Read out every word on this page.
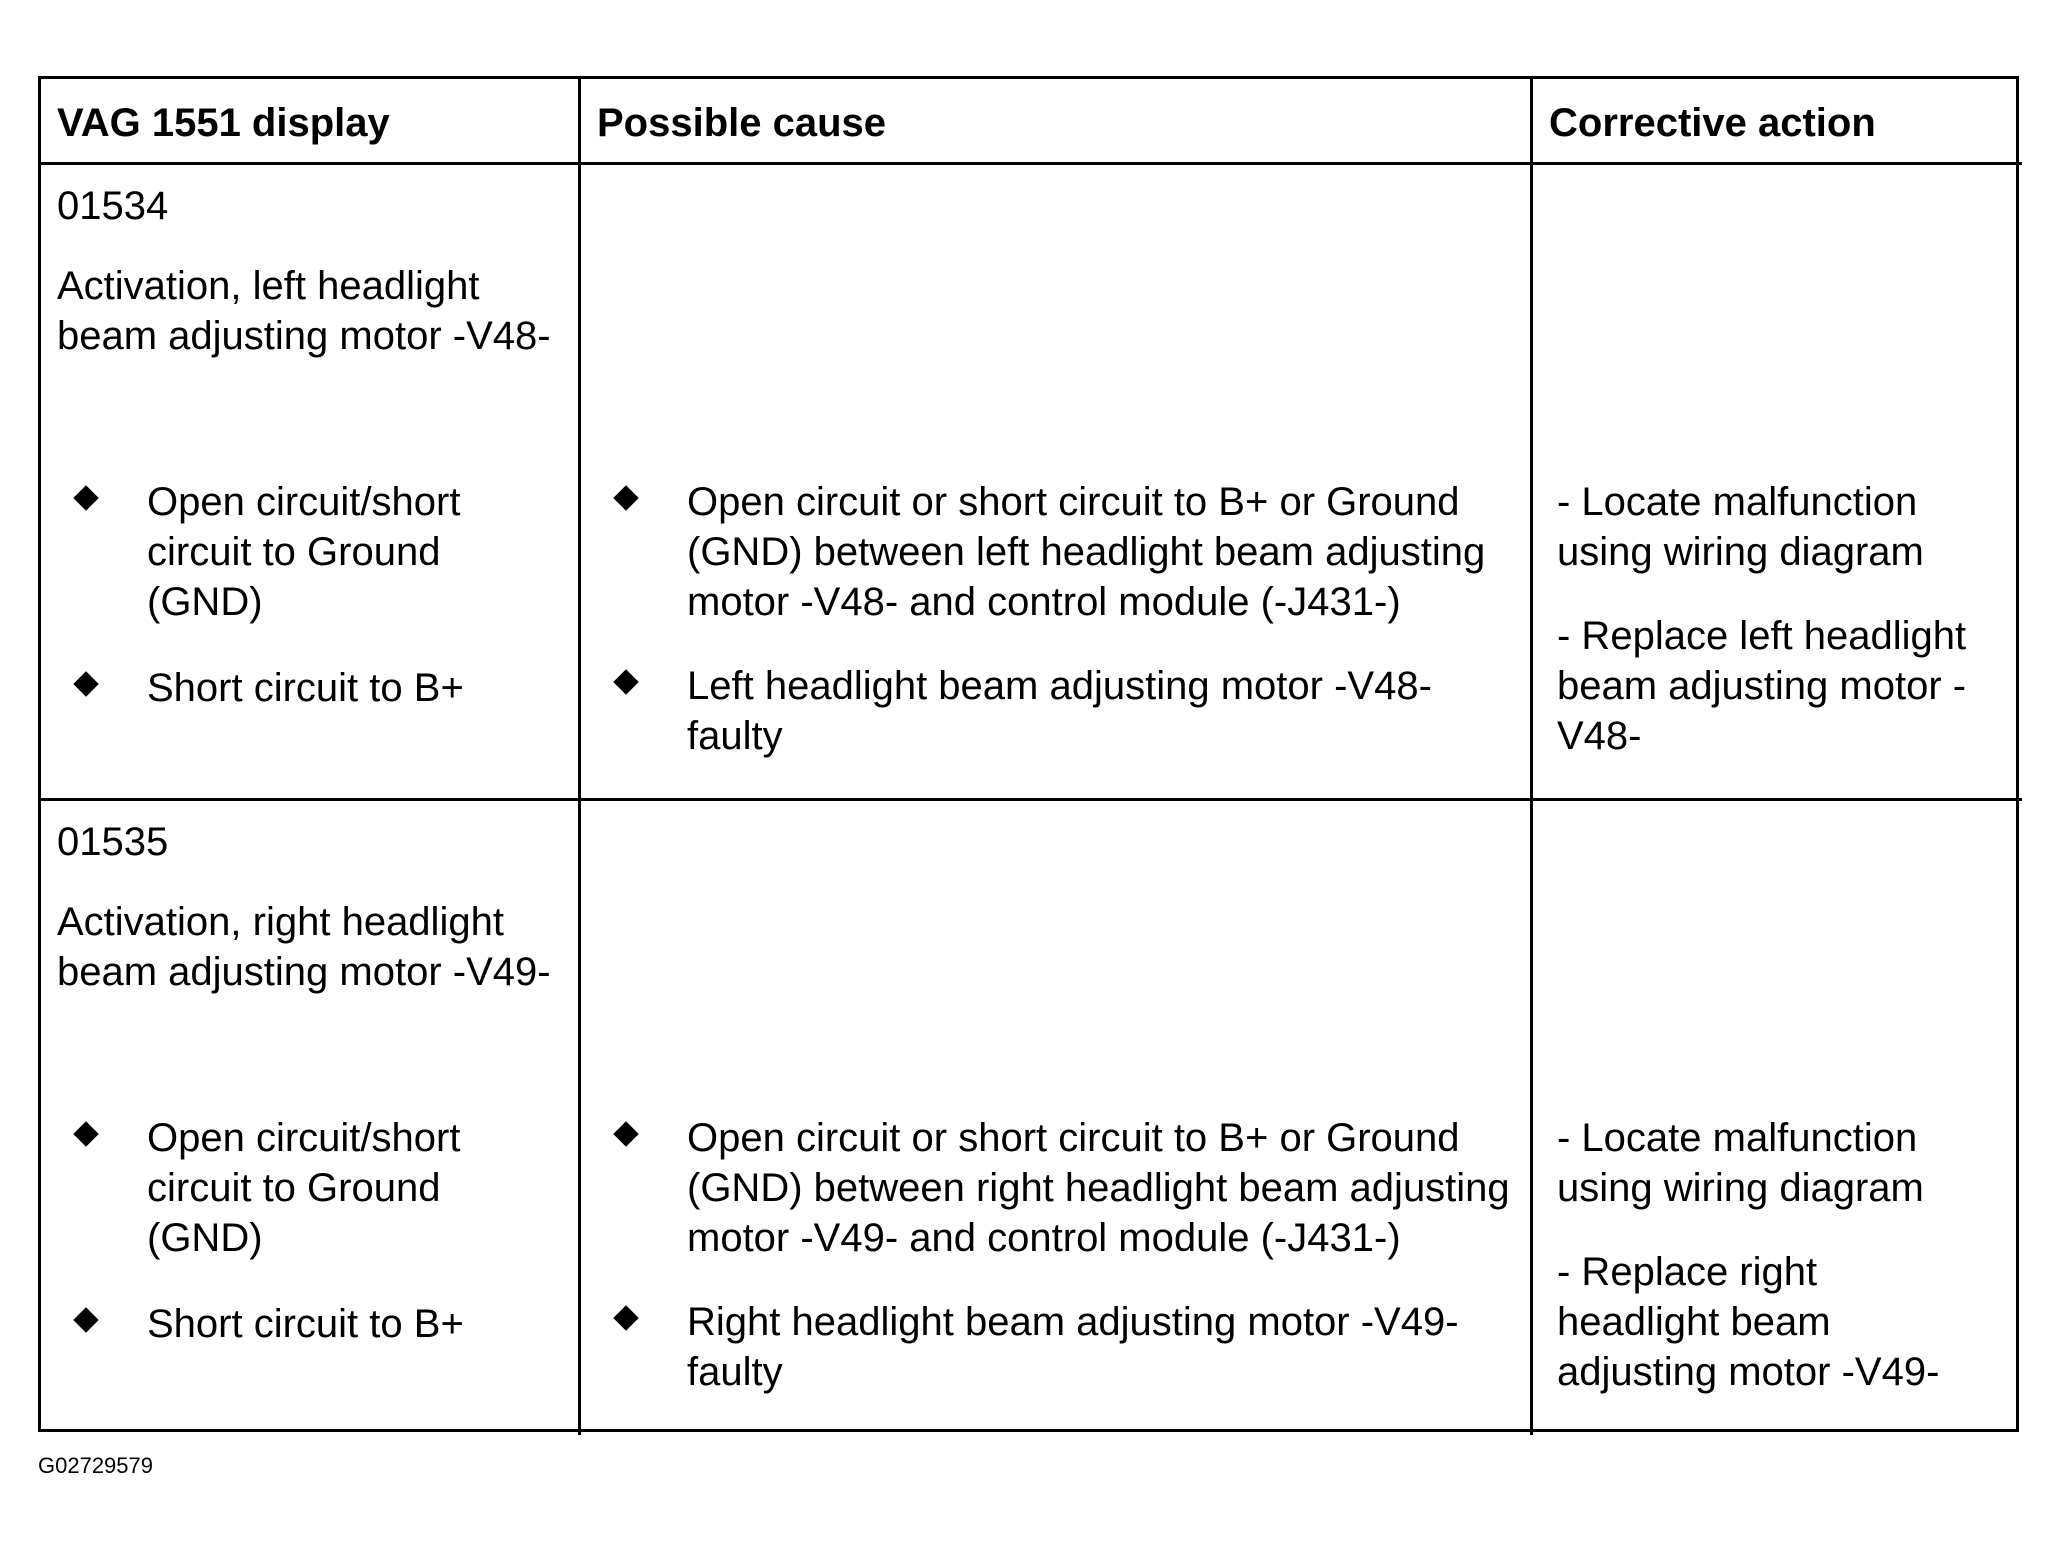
VAG 1551 display	Possible cause	Corrective action
01534
Activation, left headlight
beam adjusting motor -V48-
Open circuit/short
circuit to Ground
(GND)
Short circuit to B+
Open circuit or short circuit to B+ or Ground
(GND) between left headlight beam adjusting
motor -V48- and control module (-J431-)
Left headlight beam adjusting motor -V48-
faulty
- Locate malfunction
using wiring diagram
- Replace left headlight
beam adjusting motor -
V48-
01535
Activation, right headlight
beam adjusting motor -V49-
Open circuit/short
circuit to Ground
(GND)
Short circuit to B+
Open circuit or short circuit to B+ or Ground
(GND) between right headlight beam adjusting
motor -V49- and control module (-J431-)
Right headlight beam adjusting motor -V49-
faulty
- Locate malfunction
using wiring diagram
- Replace right
headlight beam
adjusting motor -V49-
G02729579
